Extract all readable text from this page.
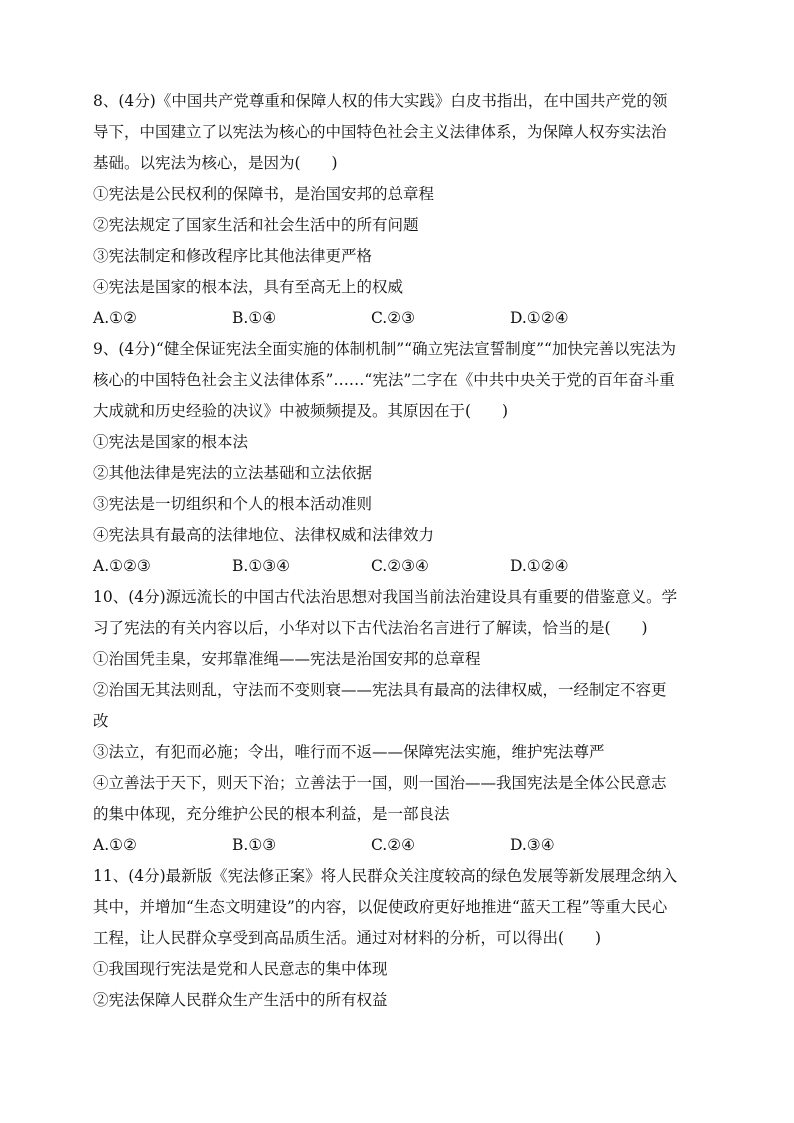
8、(4分)《中国共产党尊重和保障人权的伟大实践》白皮书指出，在中国共产党的领
导下，中国建立了以宪法为核心的中国特色社会主义法律体系，为保障人权夯实法治
基础。以宪法为核心，是因为(　　)
①宪法是公民权利的保障书，是治国安邦的总章程
②宪法规定了国家生活和社会生活中的所有问题
③宪法制定和修改程序比其他法律更严格
④宪法是国家的根本法，具有至高无上的权威
A.①②	B.①④	C.②③	D.①②④
9、(4分)“健全保证宪法全面实施的体制机制”“确立宪法宣誓制度”“加快完善以宪法为
核心的中国特色社会主义法律体系”……“宪法”二字在《中共中央关于党的百年奋斗重
大成就和历史经验的决议》中被频频提及。其原因在于(　　)
①宪法是国家的根本法
②其他法律是宪法的立法基础和立法依据
③宪法是一切组织和个人的根本活动准则
④宪法具有最高的法律地位、法律权威和法律效力
A.①②③	B.①③④	C.②③④	D.①②④
10、(4分)源远流长的中国古代法治思想对我国当前法治建设具有重要的借鉴意义。学
习了宪法的有关内容以后，小华对以下古代法治名言进行了解读，恰当的是(　　)
①治国凭圭臬，安邦靠准绳——宪法是治国安邦的总章程
②治国无其法则乱，守法而不变则衰——宪法具有最高的法律权威，一经制定不容更
改
③法立，有犯而必施；令出，唯行而不返——保障宪法实施，维护宪法尊严
④立善法于天下，则天下治；立善法于一国，则一国治——我国宪法是全体公民意志
的集中体现，充分维护公民的根本利益，是一部良法
A.①②	B.①③	C.②④	D.③④
11、(4分)最新版《宪法修正案》将人民群众关注度较高的绿色发展等新发展理念纳入
其中，并增加“生态文明建设”的内容，以促使政府更好地推进“蓝天工程”等重大民心
工程，让人民群众享受到高品质生活。通过对材料的分析，可以得出(　　)
①我国现行宪法是党和人民意志的集中体现
②宪法保障人民群众生产生活中的所有权益
